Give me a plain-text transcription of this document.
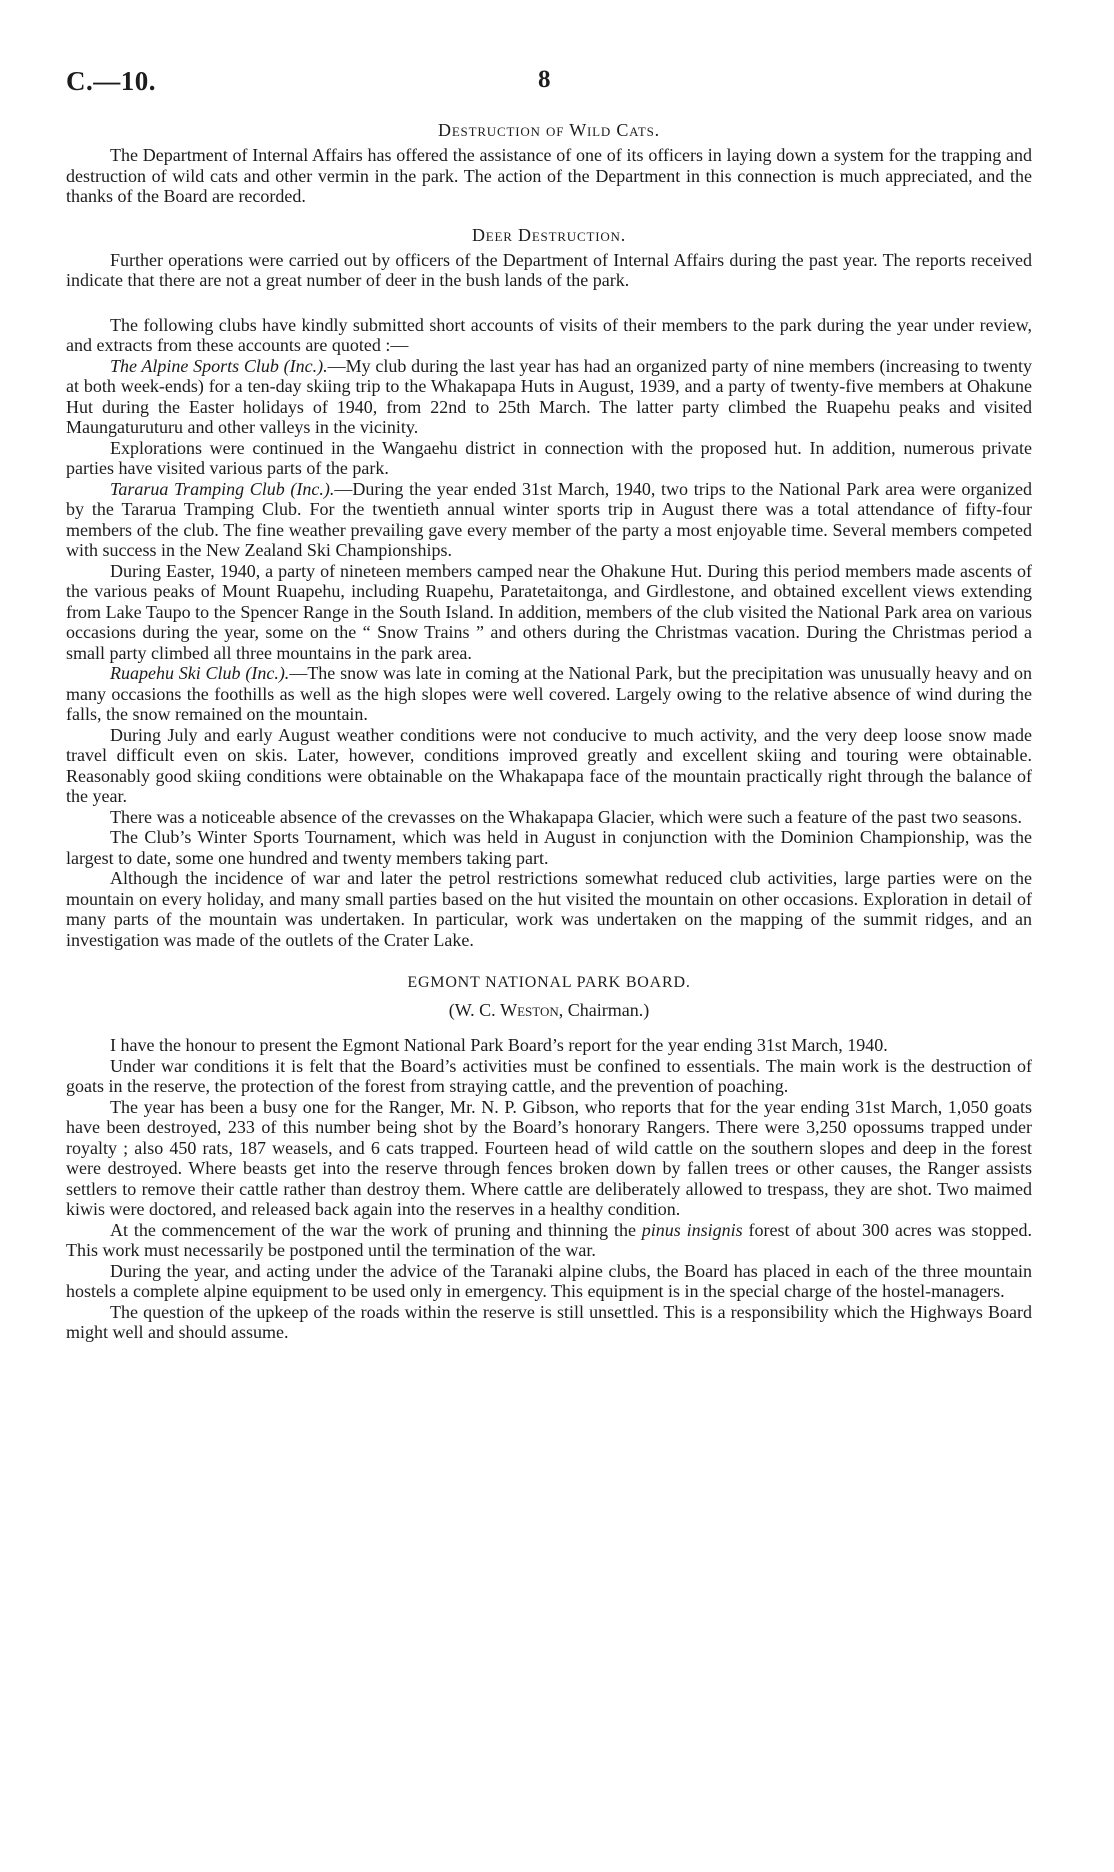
C.—10.	8
Destruction of Wild Cats.

The Department of Internal Affairs has offered the assistance of one of its officers in laying down a system for the trapping and destruction of wild cats and other vermin in the park. The action of the Department in this connection is much appreciated, and the thanks of the Board are recorded.

Deer Destruction.

Further operations were carried out by officers of the Department of Internal Affairs during the past year. The reports received indicate that there are not a great number of deer in the bush lands of the park.

The following clubs have kindly submitted short accounts of visits of their members to the park during the year under review, and extracts from these accounts are quoted :—

The Alpine Sports Club (Inc.).—My club during the last year has had an organized party of nine members (increasing to twenty at both week-ends) for a ten-day skiing trip to the Whakapapa Huts in August, 1939, and a party of twenty-five members at Ohakune Hut during the Easter holidays of 1940, from 22nd to 25th March. The latter party climbed the Ruapehu peaks and visited Maungaturuturu and other valleys in the vicinity.

Explorations were continued in the Wangaehu district in connection with the proposed hut. In addition, numerous private parties have visited various parts of the park.

Tararua Tramping Club (Inc.).—During the year ended 31st March, 1940, two trips to the National Park area were organized by the Tararua Tramping Club. For the twentieth annual winter sports trip in August there was a total attendance of fifty-four members of the club. The fine weather prevailing gave every member of the party a most enjoyable time. Several members competed with success in the New Zealand Ski Championships.

During Easter, 1940, a party of nineteen members camped near the Ohakune Hut. During this period members made ascents of the various peaks of Mount Ruapehu, including Ruapehu, Paratetaitonga, and Girdlestone, and obtained excellent views extending from Lake Taupo to the Spencer Range in the South Island. In addition, members of the club visited the National Park area on various occasions during the year, some on the “ Snow Trains ” and others during the Christmas vacation. During the Christmas period a small party climbed all three mountains in the park area.

Ruapehu Ski Club (Inc.).—The snow was late in coming at the National Park, but the precipitation was unusually heavy and on many occasions the foothills as well as the high slopes were well covered. Largely owing to the relative absence of wind during the falls, the snow remained on the mountain.

During July and early August weather conditions were not conducive to much activity, and the very deep loose snow made travel difficult even on skis. Later, however, conditions improved greatly and excellent skiing and touring were obtainable. Reasonably good skiing conditions were obtainable on the Whakapapa face of the mountain practically right through the balance of the year.

There was a noticeable absence of the crevasses on the Whakapapa Glacier, which were such a feature of the past two seasons.

The Club’s Winter Sports Tournament, which was held in August in conjunction with the Dominion Championship, was the largest to date, some one hundred and twenty members taking part.

Although the incidence of war and later the petrol restrictions somewhat reduced club activities, large parties were on the mountain on every holiday, and many small parties based on the hut visited the mountain on other occasions. Exploration in detail of many parts of the mountain was undertaken. In particular, work was undertaken on the mapping of the summit ridges, and an investigation was made of the outlets of the Crater Lake.

EGMONT NATIONAL PARK BOARD.
(W. C. Weston, Chairman.)

I have the honour to present the Egmont National Park Board’s report for the year ending 31st March, 1940.

Under war conditions it is felt that the Board’s activities must be confined to essentials. The main work is the destruction of goats in the reserve, the protection of the forest from straying cattle, and the prevention of poaching.

The year has been a busy one for the Ranger, Mr. N. P. Gibson, who reports that for the year ending 31st March, 1,050 goats have been destroyed, 233 of this number being shot by the Board’s honorary Rangers. There were 3,250 opossums trapped under royalty ; also 450 rats, 187 weasels, and 6 cats trapped. Fourteen head of wild cattle on the southern slopes and deep in the forest were destroyed. Where beasts get into the reserve through fences broken down by fallen trees or other causes, the Ranger assists settlers to remove their cattle rather than destroy them. Where cattle are deliberately allowed to trespass, they are shot. Two maimed kiwis were doctored, and released back again into the reserves in a healthy condition.

At the commencement of the war the work of pruning and thinning the pinus insignis forest of about 300 acres was stopped. This work must necessarily be postponed until the termination of the war.

During the year, and acting under the advice of the Taranaki alpine clubs, the Board has placed in each of the three mountain hostels a complete alpine equipment to be used only in emergency. This equipment is in the special charge of the hostel-managers.

The question of the upkeep of the roads within the reserve is still unsettled. This is a responsibility which the Highways Board might well and should assume.
